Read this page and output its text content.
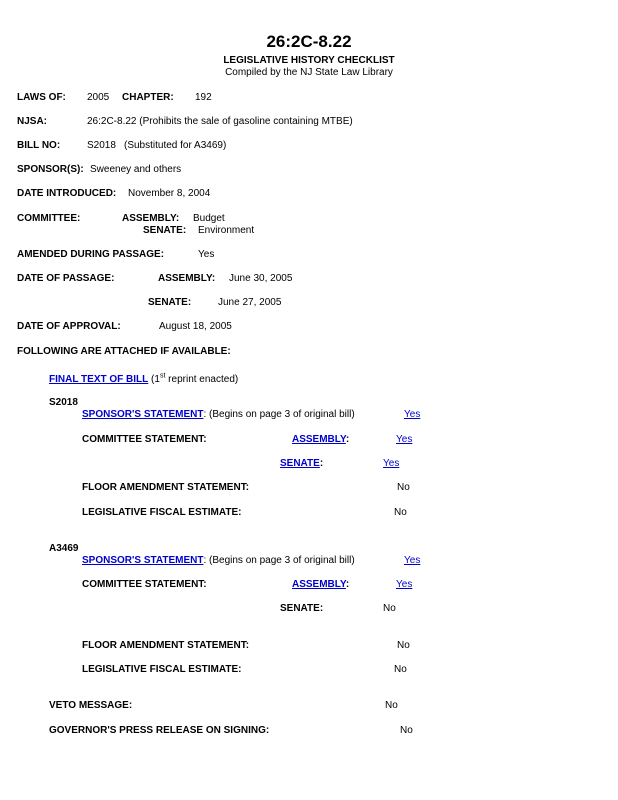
26:2C-8.22
LEGISLATIVE HISTORY CHECKLIST
Compiled by the NJ State Law Library
LAWS OF: 2005 CHAPTER: 192
NJSA:	26:2C-8.22 (Prohibits the sale of gasoline containing MTBE)
BILL NO:	S2018 (Substituted for A3469)
SPONSOR(S): Sweeney and others
DATE INTRODUCED: November 8, 2004
COMMITTEE:	ASSEMBLY: Budget
SENATE: Environment
AMENDED DURING PASSAGE:	Yes
DATE OF PASSAGE:	ASSEMBLY: June 30, 2005
SENATE:	June 27, 2005
DATE OF APPROVAL:	August 18, 2005
FOLLOWING ARE ATTACHED IF AVAILABLE:
FINAL TEXT OF BILL (1st reprint enacted)
S2018
SPONSOR'S STATEMENT: (Begins on page 3 of original bill)	Yes
COMMITTEE STATEMENT:	ASSEMBLY:	Yes
SENATE:	Yes
FLOOR AMENDMENT STATEMENT:	No
LEGISLATIVE FISCAL ESTIMATE:	No
A3469
SPONSOR'S STATEMENT: (Begins on page 3 of original bill)	Yes
COMMITTEE STATEMENT:	ASSEMBLY:	Yes
SENATE:	No
FLOOR AMENDMENT STATEMENT:	No
LEGISLATIVE FISCAL ESTIMATE:	No
VETO MESSAGE:	No
GOVERNOR'S PRESS RELEASE ON SIGNING:	No
